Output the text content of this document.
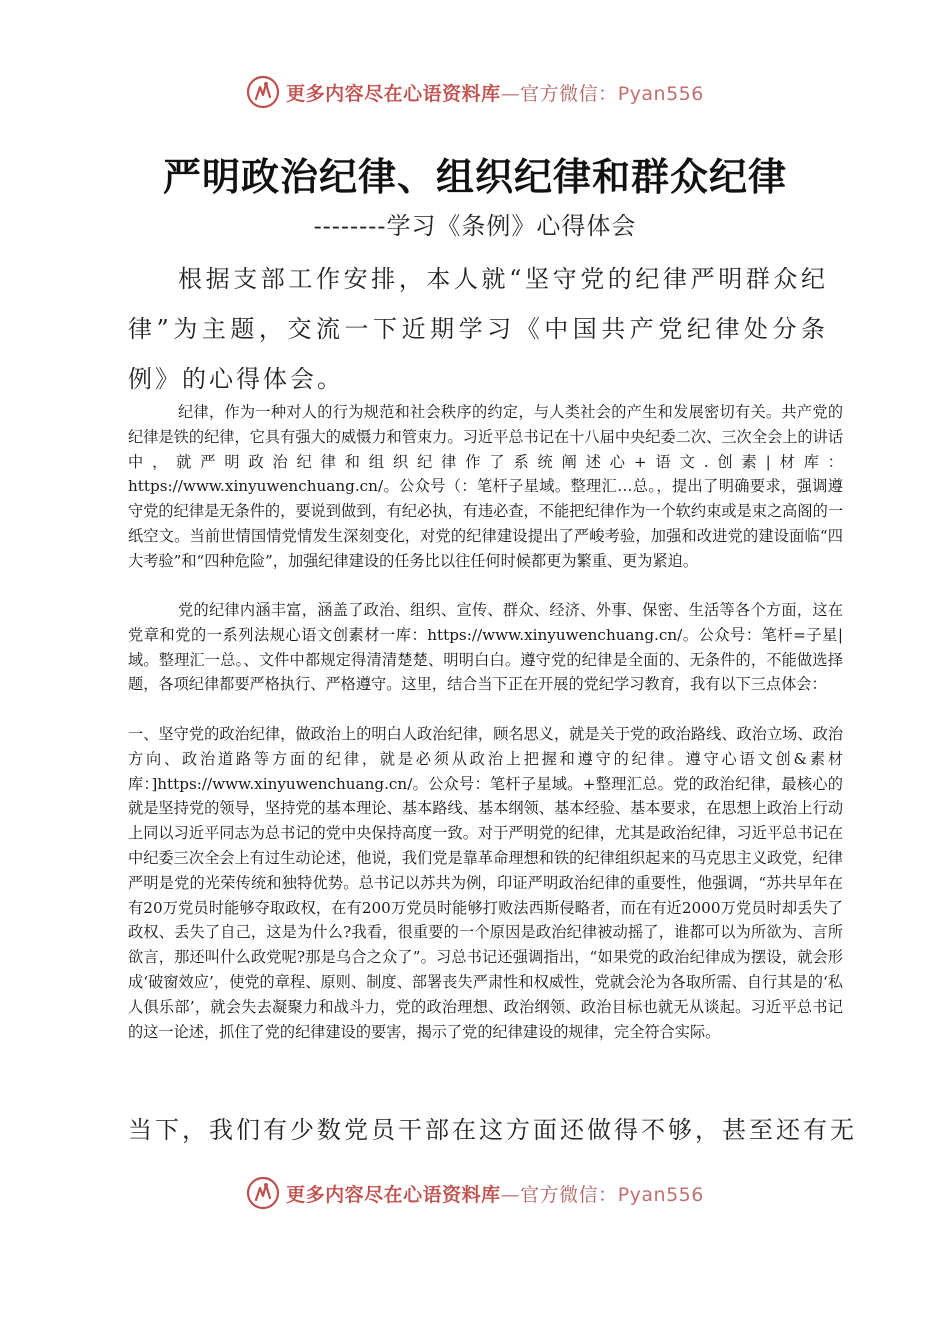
更多内容尽在心语资料库—官方微信：Pyan556
严明政治纪律、组织纪律和群众纪律
--------学习《条例》心得体会
根据支部工作安排，本人就“坚守党的纪律严明群众纪律”为主题，交流一下近期学习《中国共产党纪律处分条例》的心得体会。
纪律，作为一种对人的行为规范和社会秩序的约定，与人类社会的产生和发展密切有关。共产党的纪律是铁的纪律，它具有强大的威慑力和管束力。习近平总书记在十八届中央纪委二次、三次全会上的讲话中，就严明政治纪律和组织纪律作了系统阐述心+语文.创素|材库：https://www.xinyuwenchuang.cn/。公众号（：笔杆子星域。整理汇…总。，提出了明确要求，强调遵守党的纪律是无条件的，要说到做到，有纪必执，有违必查，不能把纪律作为一个软约束或是束之高阁的一纸空文。当前世情国情党情发生深刻变化，对党的纪律建设提出了严峻考验，加强和改进党的建设面临“四大考验”和“四种危险”，加强纪律建设的任务比以往任何时候都更为繁重、更为紧迫。
党的纪律内涵丰富，涵盖了政治、组织、宣传、群众、经济、外事、保密、生活等各个方面，这在党章和党的一系列法规心语文创素材一库：https://www.xinyuwenchuang.cn/。公众号：笔杆=子星|域。整理汇一总。、文件中都规定得清清楚楚、明明白白。遵守党的纪律是全面的、无条件的，不能做选择题，各项纪律都要严格执行、严格遵守。这里，结合当下正在开展的党纪学习教育，我有以下三点体会：
一、坚守党的政治纪律，做政治上的明白人政治纪律，顾名思义，就是关于党的政治路线、政治立场、政治方向、政治道路等方面的纪律，就是必须从政治上把握和遵守的纪律。遵守心语文创&素材库：]https://www.xinyuwenchuang.cn/。公众号：笔杆子星域。+整理汇总。党的政治纪律，最核心的就是坚持党的领导，坚持党的基本理论、基本路线、基本纲领、基本经验、基本要求，在思想上政治上行动上同以习近平同志为总书记的党中央保持高度一致。对于严明党的纪律，尤其是政治纪律，习近平总书记在中纪委三次全会上有过生动论述，他说，我们党是靠革命理想和铁的纪律组织起来的马克思主义政党，纪律严明是党的光荣传统和独特优势。总书记以苏共为例，印证严明政治纪律的重要性，他强调，“苏共早年在有20万党员时能够夺取政权，在有200万党员时能够打败法西斯侵略者，而在有近2000万党员时却丢失了政权、丢失了自己，这是为什么?我看，很重要的一个原因是政治纪律被动摇了，谁都可以为所欲为、言所欲言，那还叫什么政党呢?那是乌合之众了”。习总书记还强调指出，“如果党的政治纪律成为摆设，就会形成‘破窗效应’，使党的章程、原则、制度、部署丧失严肃性和权威性，党就会沦为各取所需、自行其是的‘私人俱乐部’，就会失去凝聚力和战斗力，党的政治理想、政治纲领、政治目标也就无从谈起。习近平总书记的这一论述，抓住了党的纪律建设的要害，揭示了党的纪律建设的规律，完全符合实际。
当下，我们有少数党员干部在这方面还做得不够，甚至还有无
更多内容尽在心语资料库—官方微信：Pyan556
